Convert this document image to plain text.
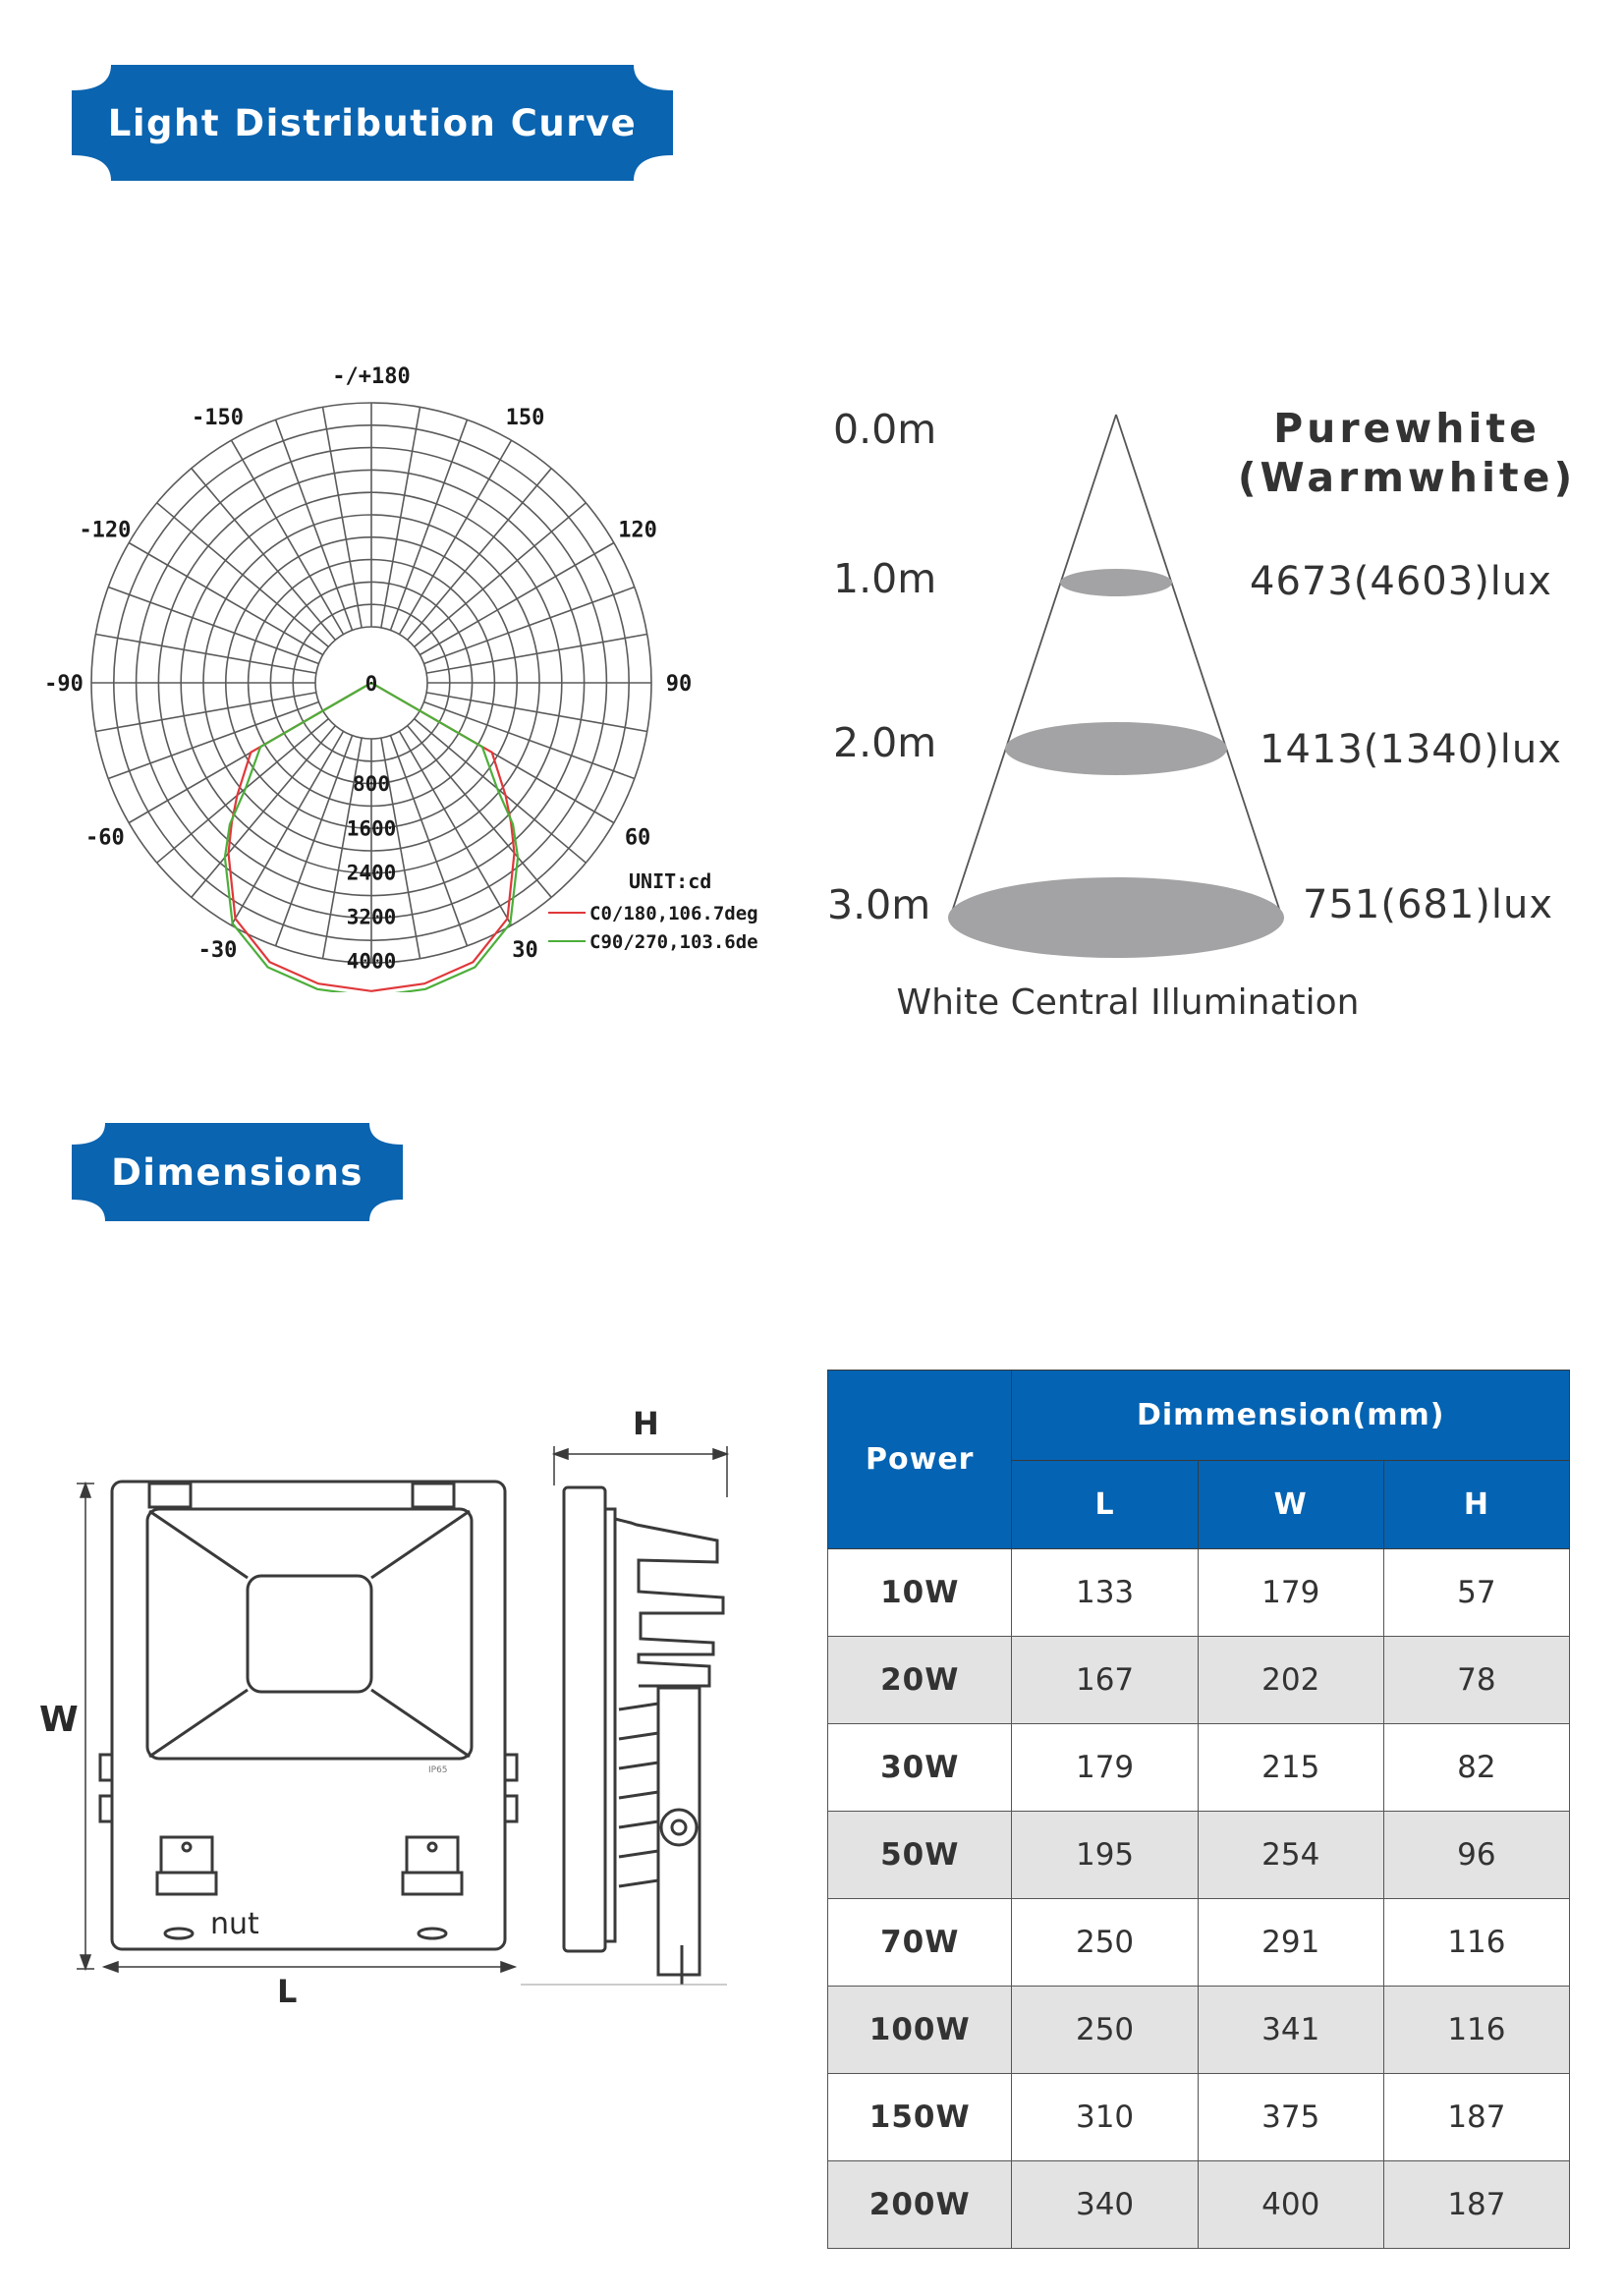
Light Distribution Curve
-/+180
-150	150
-120	120
-90	90
-60	60
-30	30
0
800
1600
2400
3200
4000
UNIT:cd
C0/180,106.7deg
C90/270,103.6de
0.0m
1.0m
2.0m
3.0m
Purewhite
(Warmwhite)
4673(4603)lux
1413(1340)lux
751(681)lux
White Central Illumination
Dimensions
W
L
IP65
nut
H
Power	Dimmension(mm)		
	L	W	H
10W	133	179	57
20W	167	202	78
30W	179	215	82
50W	195	254	96
70W	250	291	116
100W	250	341	116
150W	310	375	187
200W	340	400	187
